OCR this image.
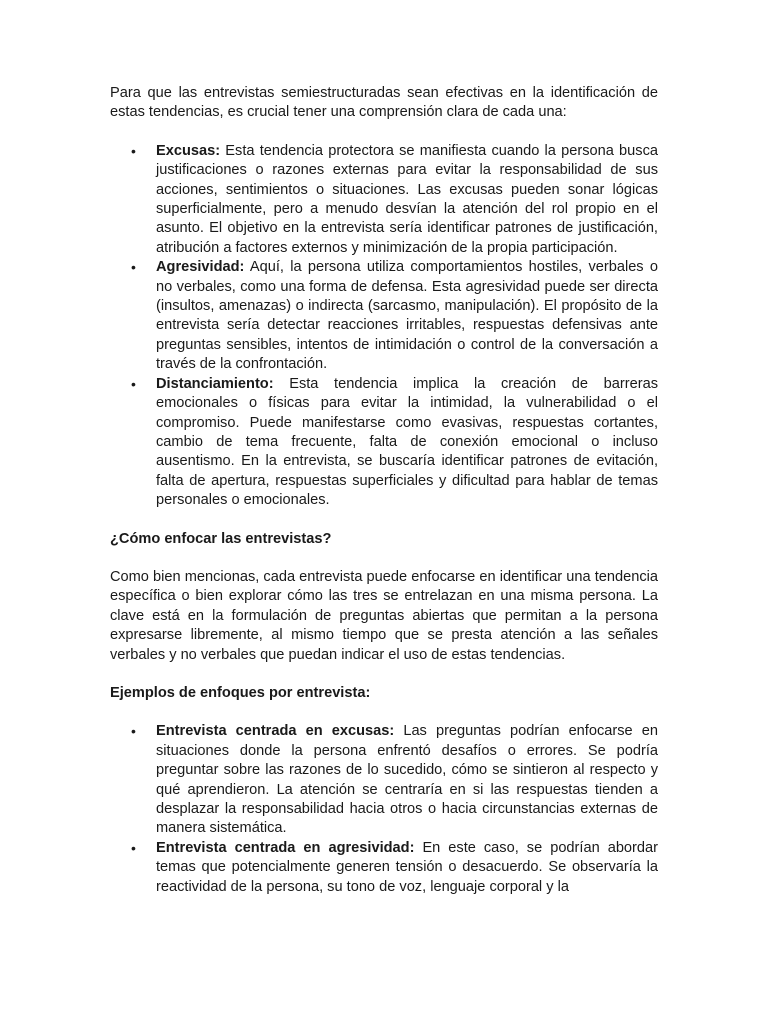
Para que las entrevistas semiestructuradas sean efectivas en la identificación de estas tendencias, es crucial tener una comprensión clara de cada una:

• Excusas: Esta tendencia protectora se manifiesta cuando la persona busca justificaciones o razones externas para evitar la responsabilidad de sus acciones, sentimientos o situaciones. Las excusas pueden sonar lógicas superficialmente, pero a menudo desvían la atención del rol propio en el asunto. El objetivo en la entrevista sería identificar patrones de justificación, atribución a factores externos y minimización de la propia participación.
• Agresividad: Aquí, la persona utiliza comportamientos hostiles, verbales o no verbales, como una forma de defensa. Esta agresividad puede ser directa (insultos, amenazas) o indirecta (sarcasmo, manipulación). El propósito de la entrevista sería detectar reacciones irritables, respuestas defensivas ante preguntas sensibles, intentos de intimidación o control de la conversación a través de la confrontación.
• Distanciamiento: Esta tendencia implica la creación de barreras emocionales o físicas para evitar la intimidad, la vulnerabilidad o el compromiso. Puede manifestarse como evasivas, respuestas cortantes, cambio de tema frecuente, falta de conexión emocional o incluso ausentismo. En la entrevista, se buscaría identificar patrones de evitación, falta de apertura, respuestas superficiales y dificultad para hablar de temas personales o emocionales.
¿Cómo enfocar las entrevistas?

Como bien mencionas, cada entrevista puede enfocarse en identificar una tendencia específica o bien explorar cómo las tres se entrelazan en una misma persona. La clave está en la formulación de preguntas abiertas que permitan a la persona expresarse libremente, al mismo tiempo que se presta atención a las señales verbales y no verbales que puedan indicar el uso de estas tendencias.

Ejemplos de enfoques por entrevista:
• Entrevista centrada en excusas: Las preguntas podrían enfocarse en situaciones donde la persona enfrentó desafíos o errores. Se podría preguntar sobre las razones de lo sucedido, cómo se sintieron al respecto y qué aprendieron. La atención se centraría en si las respuestas tienden a desplazar la responsabilidad hacia otros o hacia circunstancias externas de manera sistemática.
• Entrevista centrada en agresividad: En este caso, se podrían abordar temas que potencialmente generen tensión o desacuerdo. Se observaría la reactividad de la persona, su tono de voz, lenguaje corporal y la
